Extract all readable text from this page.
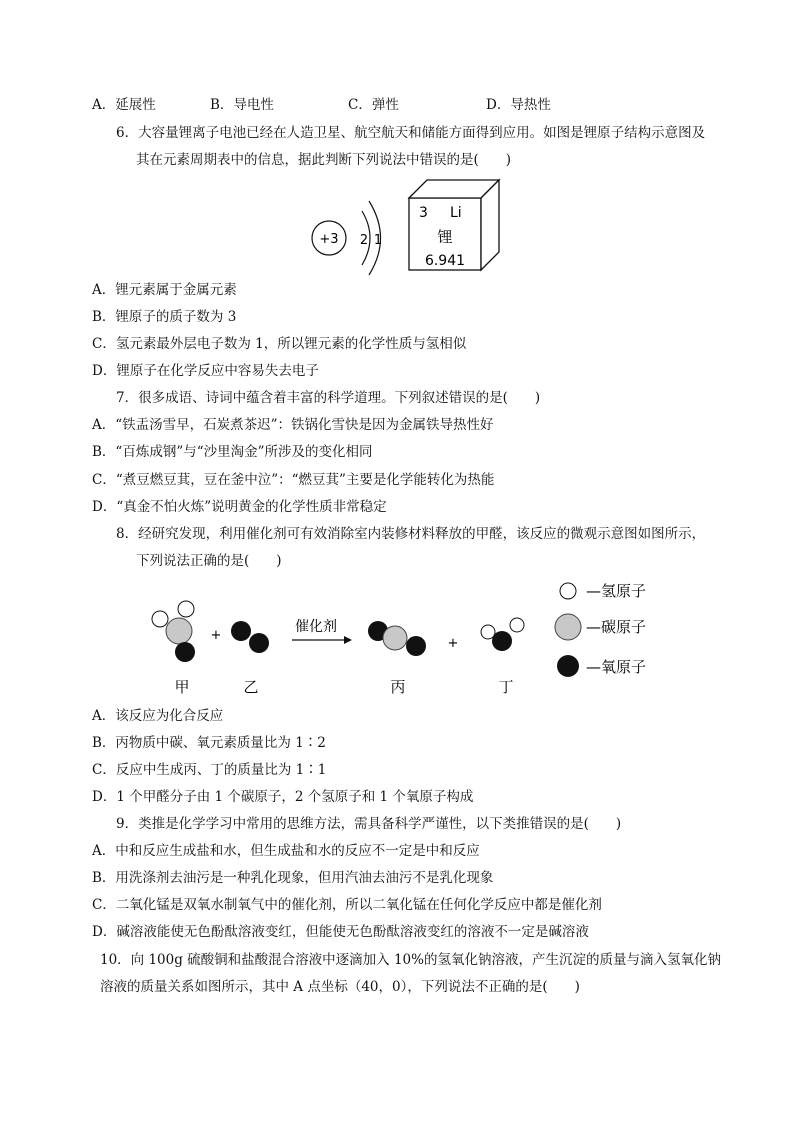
A．延展性	B．导电性	C．弹性	D．导热性
6．大容量锂离子电池已经在人造卫星、航空航天和储能方面得到应用。如图是锂原子结构示意图及
其在元素周期表中的信息，据此判断下列说法中错误的是(　　)
+3 2 1
3 Li
锂
6.941
A．锂元素属于金属元素
B．锂原子的质子数为 3
C．氢元素最外层电子数为 1，所以锂元素的化学性质与氢相似
D．锂原子在化学反应中容易失去电子
7．很多成语、诗词中蕴含着丰富的科学道理。下列叙述错误的是(　　)
A．“铁盂汤雪早，石炭煮茶迟”：铁锅化雪快是因为金属铁导热性好
B．“百炼成钢”与“沙里淘金”所涉及的变化相同
C．“煮豆燃豆萁，豆在釜中泣”：“燃豆萁”主要是化学能转化为热能
D．“真金不怕火炼”说明黄金的化学性质非常稳定
8．经研究发现，利用催化剂可有效消除室内装修材料释放的甲醛，该反应的微观示意图如图所示，
下列说法正确的是(　　)
+
催化剂
+
甲	乙	丙	丁
—氢原子
—碳原子
—氧原子
A．该反应为化合反应
B．丙物质中碳、氧元素质量比为 1∶2
C．反应中生成丙、丁的质量比为 1∶1
D．1 个甲醛分子由 1 个碳原子，2 个氢原子和 1 个氧原子构成
9．类推是化学学习中常用的思维方法，需具备科学严谨性，以下类推错误的是(　　)
A．中和反应生成盐和水，但生成盐和水的反应不一定是中和反应
B．用洗涤剂去油污是一种乳化现象，但用汽油去油污不是乳化现象
C．二氧化锰是双氧水制氧气中的催化剂，所以二氧化锰在任何化学反应中都是催化剂
D．碱溶液能使无色酚酞溶液变红，但能使无色酚酞溶液变红的溶液不一定是碱溶液
10．向 100g 硫酸铜和盐酸混合溶液中逐滴加入 10%的氢氧化钠溶液，产生沉淀的质量与滴入氢氧化钠
溶液的质量关系如图所示，其中 A 点坐标（40，0），下列说法不正确的是(　　)
